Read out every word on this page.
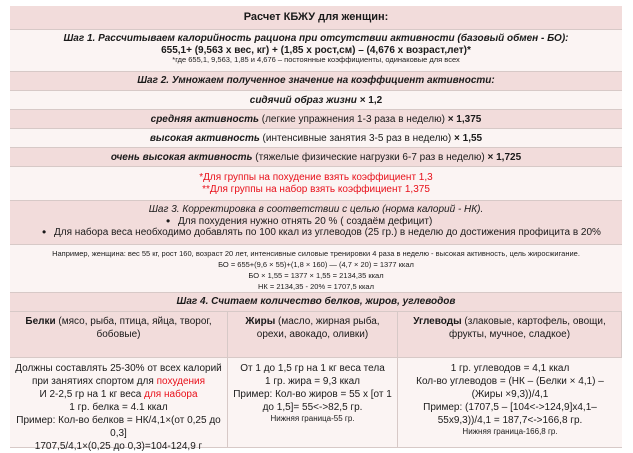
Расчет КБЖУ для женщин:
Шаг 1. Рассчитываем калорийность рациона при отсутствии активности (базовый обмен - БО):
655,1+ (9,563 х вес, кг) + (1,85 х рост,см) – (4,676 х возраст,лет)*
*где 655,1, 9,563, 1,85 и 4,676 – постоянные коэффициенты, одинаковые для всех
Шаг 2. Умножаем полученное значение на коэффициент активности:
сидячий образ жизни × 1,2
средняя активность (легкие упражнения 1-3 раза в неделю) × 1,375
высокая активность (интенсивные занятия 3-5 раз в неделю) × 1,55
очень высокая активность (тяжелые физические нагрузки 6-7 раз в неделю) × 1,725
*Для группы на похудение взять коэффициент 1,3
**Для группы на набор взять коэффициент 1,375
Шаг 3. Корректировка в соответствии с целью (норма калорий - НК).
• Для похудения нужно отнять 20 % ( создаём дефицит)
• Для набора веса необходимо добавлять по 100 ккал из углеводов (25 гр.) в неделю до достижения профицита в 20%
Например, женщина: вес 55 кг, рост 160, возраст 20 лет, интенсивные силовые тренировки 4 раза в неделю - высокая активность, цель жиросжигание.
БО = 655+(9,6 × 55)+(1,8 × 160) — (4,7 × 20) = 1377 ккал
БО × 1,55 = 1377 × 1,55 = 2134,35 ккал
НК = 2134,35 - 20% = 1707,5 ккал
Шаг 4. Считаем количество белков, жиров, углеводов
Белки (мясо, рыба, птица, яйца, творог, бобовые)
Жиры (масло, жирная рыба, орехи, авокадо, оливки)
Углеводы (злаковые, картофель, овощи, фрукты, мучное, сладкое)
Должны составлять 25-30% от всех калорий при занятиях спортом для похудения
И 2-2,5 гр на 1 кг веса для набора
1 гр. белка = 4.1 ккал
Пример: Кол-во белков = НК/4,1×(от 0,25 до 0,3]
1707,5/4,1×(0,25 до 0,3)=104-124,9 г
От 1 до 1,5 гр на 1 кг веса тела
1 гр. жира = 9,3 ккал
Пример: Кол-во жиров = 55 х [от 1 до 1,5]= 55<->82,5 гр.
Нижняя граница-55 гр.
1 гр. углеводов = 4,1 ккал
Кол-во углеводов = (НК – (Белки × 4,1) – (Жиры ×9,3))/4,1
Пример: (1707,5 – [104<->124,9]x4,1– 55x9,3))/4,1 = 187,7<->166,8 гр.
Нижняя граница-166,8 гр.
